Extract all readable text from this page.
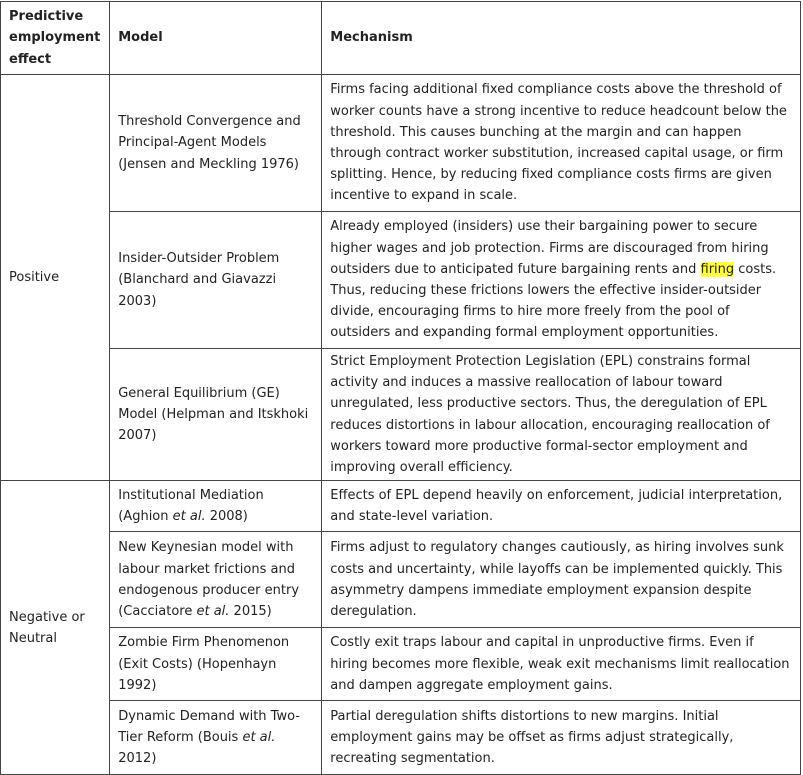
Predictive employment effect	Model	Mechanism
Positive	Threshold Convergence and Principal-Agent Models (Jensen and Meckling 1976)	Firms facing additional fixed compliance costs above the threshold of worker counts have a strong incentive to reduce headcount below the threshold. This causes bunching at the margin and can happen through contract worker substitution, increased capital usage, or firm splitting. Hence, by reducing fixed compliance costs firms are given incentive to expand in scale.
	Insider-Outsider Problem (Blanchard and Giavazzi 2003)	Already employed (insiders) use their bargaining power to secure higher wages and job protection. Firms are discouraged from hiring outsiders due to anticipated future bargaining rents and firing costs. Thus, reducing these frictions lowers the effective insider-outsider divide, encouraging firms to hire more freely from the pool of outsiders and expanding formal employment opportunities.
	General Equilibrium (GE) Model (Helpman and Itskhoki 2007)	Strict Employment Protection Legislation (EPL) constrains formal activity and induces a massive reallocation of labour toward unregulated, less productive sectors. Thus, the deregulation of EPL reduces distortions in labour allocation, encouraging reallocation of workers toward more productive formal-sector employment and improving overall efficiency.
Negative or Neutral	Institutional Mediation (Aghion et al. 2008)	Effects of EPL depend heavily on enforcement, judicial interpretation, and state-level variation.
	New Keynesian model with labour market frictions and endogenous producer entry (Cacciatore et al. 2015)	Firms adjust to regulatory changes cautiously, as hiring involves sunk costs and uncertainty, while layoffs can be implemented quickly. This asymmetry dampens immediate employment expansion despite deregulation.
	Zombie Firm Phenomenon (Exit Costs) (Hopenhayn 1992)	Costly exit traps labour and capital in unproductive firms. Even if hiring becomes more flexible, weak exit mechanisms limit reallocation and dampen aggregate employment gains.
	Dynamic Demand with Two-Tier Reform (Bouis et al. 2012)	Partial deregulation shifts distortions to new margins. Initial employment gains may be offset as firms adjust strategically, recreating segmentation.
